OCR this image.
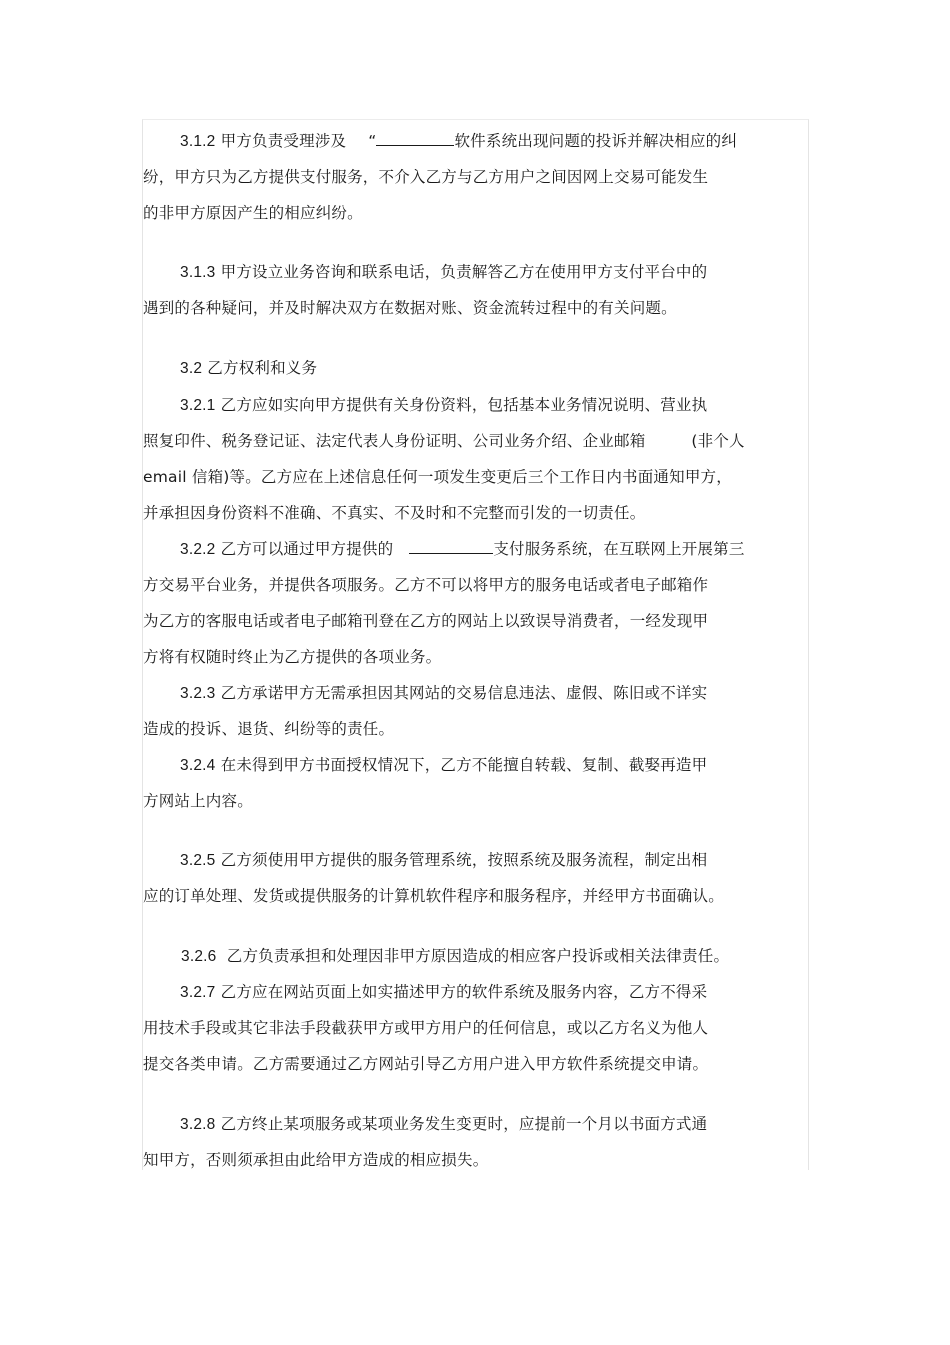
3.1.2 甲方负责受理涉及 “	软件系统出现问题的投诉并解决相应的纠
纷，甲方只为乙方提供支付服务，不介入乙方与乙方用户之间因网上交易可能发生
的非甲方原因产生的相应纠纷。
3.1.3 甲方设立业务咨询和联系电话，负责解答乙方在使用甲方支付平台中的
遇到的各种疑问，并及时解决双方在数据对账、资金流转过程中的有关问题。
3.2 乙方权利和义务
3.2.1 乙方应如实向甲方提供有关身份资料，包括基本业务情况说明、营业执
照复印件、税务登记证、法定代表人身份证明、公司业务介绍、企业邮箱	(非个人
email 信箱)等。乙方应在上述信息任何一项发生变更后三个工作日内书面通知甲方，
并承担因身份资料不准确、不真实、不及时和不完整而引发的一切责任。
3.2.2 乙方可以通过甲方提供的	支付服务系统，在互联网上开展第三
方交易平台业务，并提供各项服务。乙方不可以将甲方的服务电话或者电子邮箱作
为乙方的客服电话或者电子邮箱刊登在乙方的网站上以致误导消费者，一经发现甲
方将有权随时终止为乙方提供的各项业务。
3.2.3 乙方承诺甲方无需承担因其网站的交易信息违法、虚假、陈旧或不详实
造成的投诉、退货、纠纷等的责任。
3.2.4 在未得到甲方书面授权情况下，乙方不能擅自转载、复制、截娶再造甲
方网站上内容。
3.2.5 乙方须使用甲方提供的服务管理系统，按照系统及服务流程，制定出相
应的订单处理、发货或提供服务的计算机软件程序和服务程序，并经甲方书面确认。
3.2.6 乙方负责承担和处理因非甲方原因造成的相应客户投诉或相关法律责任。
3.2.7 乙方应在网站页面上如实描述甲方的软件系统及服务内容，乙方不得采
用技术手段或其它非法手段截获甲方或甲方用户的任何信息，或以乙方名义为他人
提交各类申请。乙方需要通过乙方网站引导乙方用户进入甲方软件系统提交申请。
3.2.8 乙方终止某项服务或某项业务发生变更时，应提前一个月以书面方式通
知甲方，否则须承担由此给甲方造成的相应损失。
